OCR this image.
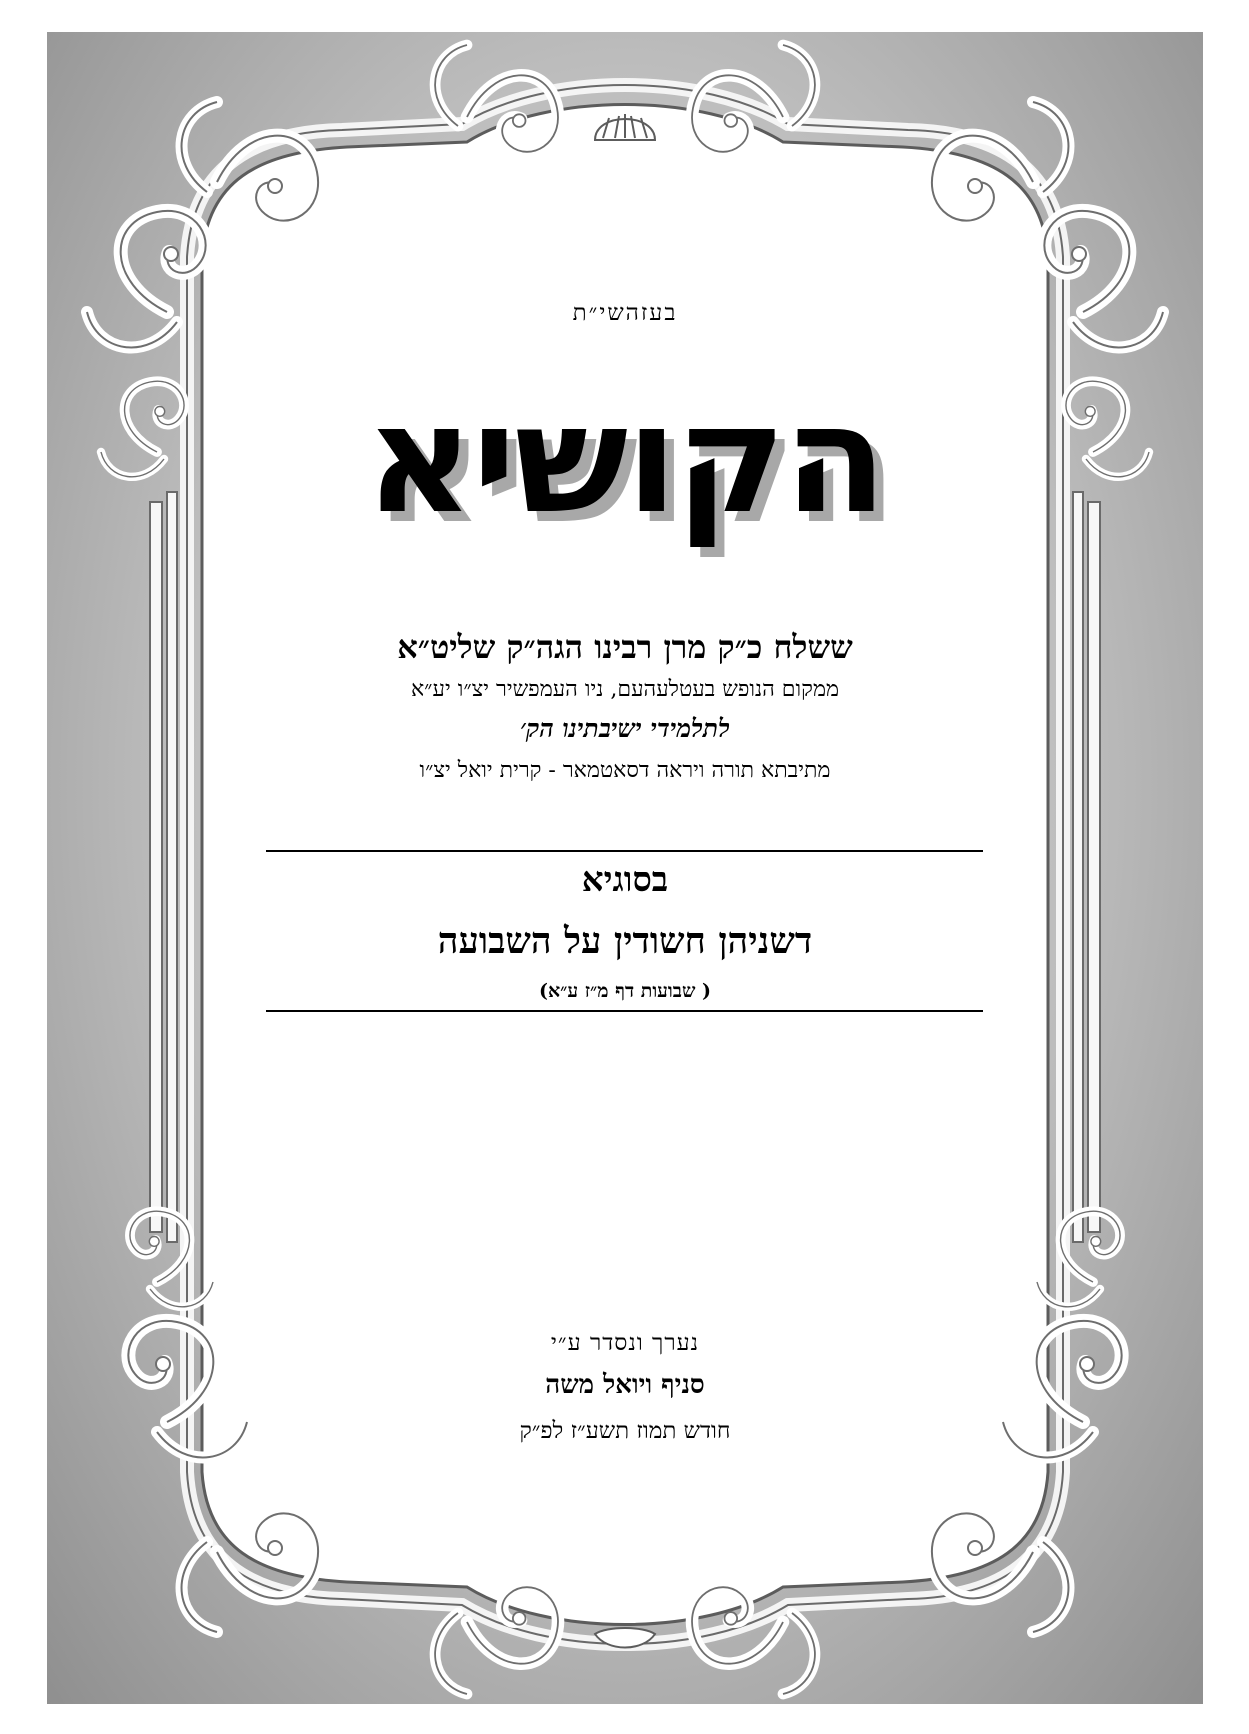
בעזהשי״ת

הקושיא

ששלח כ״ק מרן רבינו הגה״ק שליט״א

ממקום הנופש בעטלעהעם, ניו העמפשיר יצ״ו יע״א

לתלמידי ישיבתינו הק׳

מתיבתא תורה ויראה דסאטמאר - קרית יואל יצ״ו

בסוגיא

דשניהן חשודין על השבועה

( שבועות דף מ״ז ע״א)

נערך ונסדר ע״י

סניף ויואל משה

חודש תמוז תשע״ז לפ״ק
